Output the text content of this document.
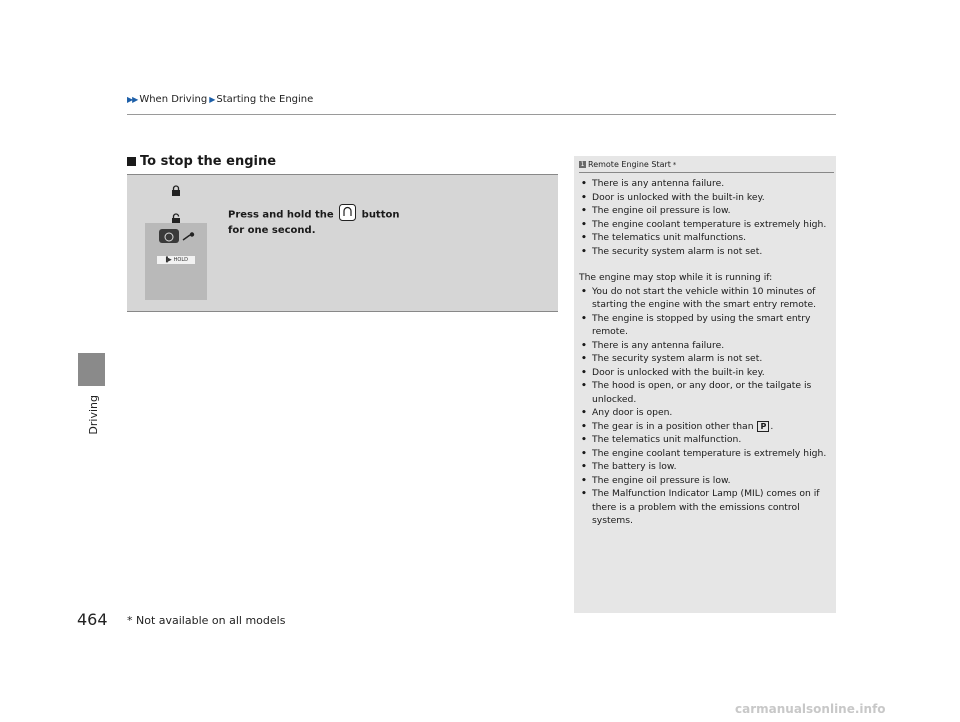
▶▶ When Driving ▶ Starting the Engine
Driving
To stop the engine
▐▶ HOLD
Press and hold the	button
for one second.
1 Remote Engine Start *
• There is any antenna failure.
• Door is unlocked with the built-in key.
• The engine oil pressure is low.
• The engine coolant temperature is extremely high.
• The telematics unit malfunctions.
• The security system alarm is not set.
The engine may stop while it is running if:
• You do not start the vehicle within 10 minutes of starting the engine with the smart entry remote.
• The engine is stopped by using the smart entry remote.
• There is any antenna failure.
• The security system alarm is not set.
• Door is unlocked with the built-in key.
• The hood is open, or any door, or the tailgate is unlocked.
• Any door is open.
• The gear is in a position other than P .
• The telematics unit malfunction.
• The engine coolant temperature is extremely high.
• The battery is low.
• The engine oil pressure is low.
• The Malfunction Indicator Lamp (MIL) comes on if there is a problem with the emissions control systems.
464 * Not available on all models
carmanualsonline.info
